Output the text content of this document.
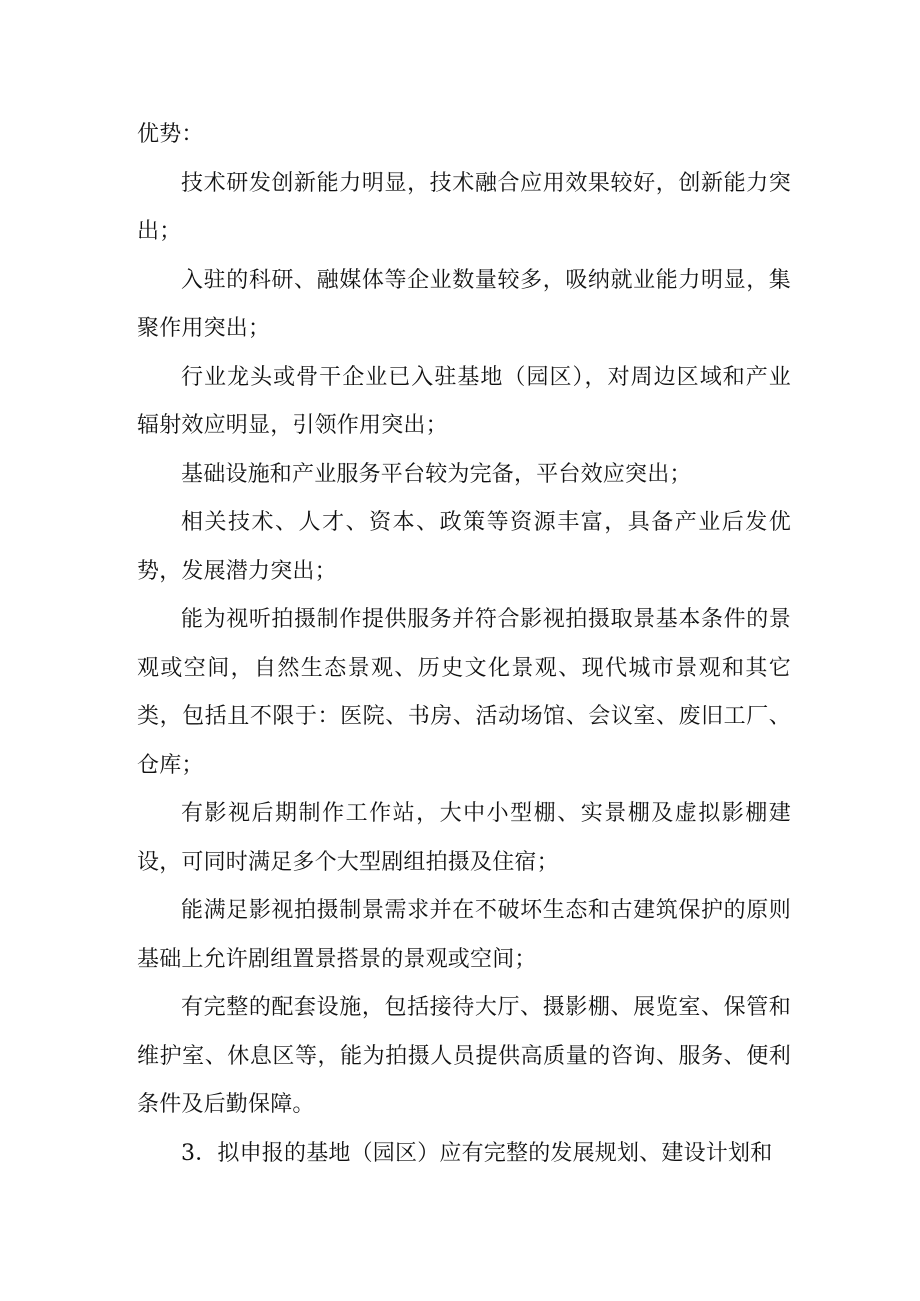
优势：

技术研发创新能力明显，技术融合应用效果较好，创新能力突出；

入驻的科研、融媒体等企业数量较多，吸纳就业能力明显，集聚作用突出；

行业龙头或骨干企业已入驻基地（园区），对周边区域和产业辐射效应明显，引领作用突出；

基础设施和产业服务平台较为完备，平台效应突出；

相关技术、人才、资本、政策等资源丰富，具备产业后发优势，发展潜力突出；

能为视听拍摄制作提供服务并符合影视拍摄取景基本条件的景观或空间，自然生态景观、历史文化景观、现代城市景观和其它类，包括且不限于：医院、书房、活动场馆、会议室、废旧工厂、仓库；

有影视后期制作工作站，大中小型棚、实景棚及虚拟影棚建设，可同时满足多个大型剧组拍摄及住宿；

能满足影视拍摄制景需求并在不破坏生态和古建筑保护的原则基础上允许剧组置景搭景的景观或空间；

有完整的配套设施，包括接待大厅、摄影棚、展览室、保管和维护室、休息区等，能为拍摄人员提供高质量的咨询、服务、便利条件及后勤保障。

3．拟申报的基地（园区）应有完整的发展规划、建设计划和
